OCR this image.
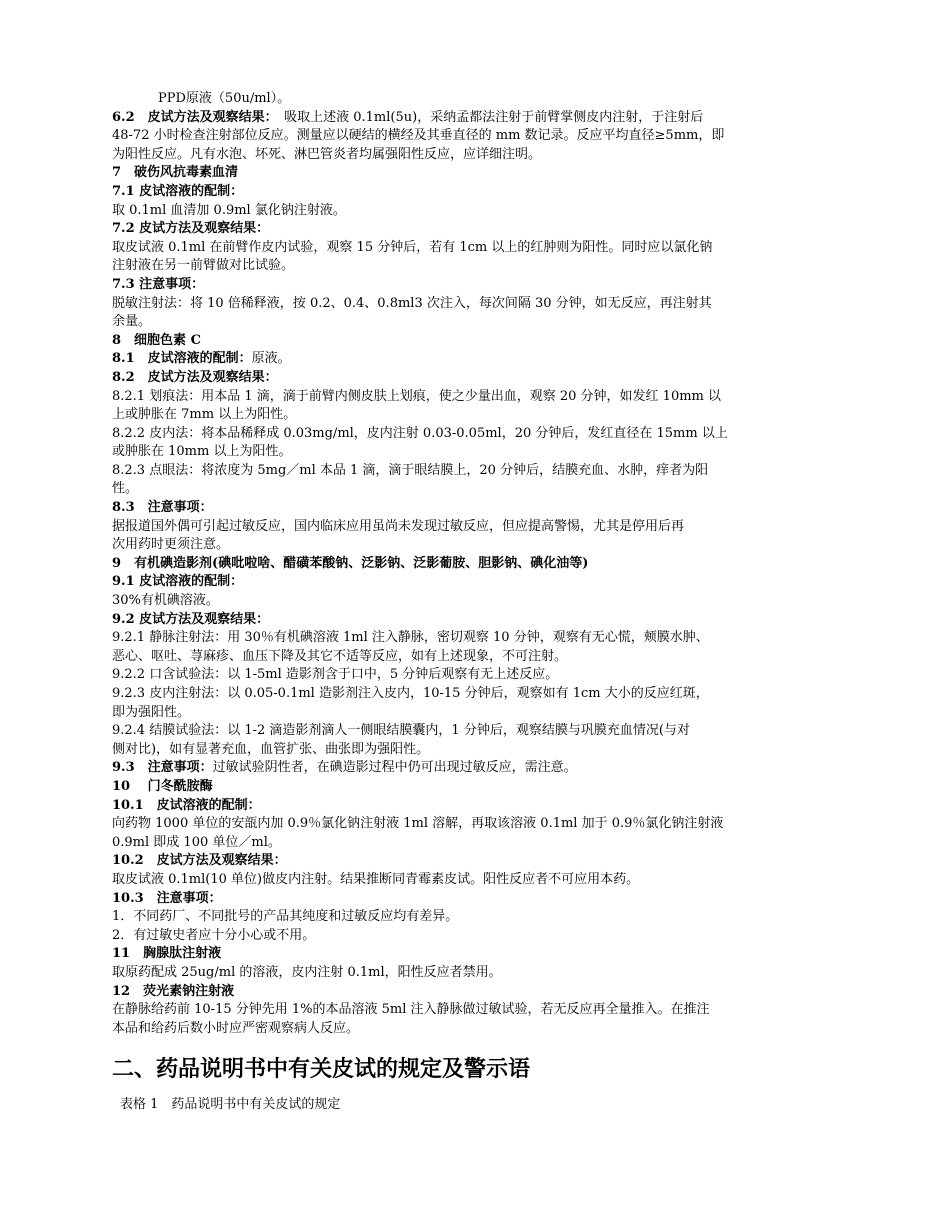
PPD原液（50u/ml）。
6.2　皮试方法及观察结果：　吸取上述液 0.1ml(5u)，采纳孟都法注射于前臂掌侧皮内注射，于注射后
48-72 小时检查注射部位反应。测量应以硬结的横经及其垂直径的 mm 数记录。反应平均直径≥5mm，即
为阳性反应。凡有水泡、坏死、淋巴管炎者均属强阳性反应，应详细注明。
7　破伤风抗毒素血清
7.1 皮试溶液的配制：
取 0.1ml 血清加 0.9ml 氯化钠注射液。
7.2 皮试方法及观察结果：
取皮试液 0.1ml 在前臂作皮内试验，观察 15 分钟后，若有 1cm 以上的红肿则为阳性。同时应以氯化钠
注射液在另一前臂做对比试验。
7.3 注意事项：
脱敏注射法：将 10 倍稀释液，按 0.2、0.4、0.8ml3 次注入，每次间隔 30 分钟，如无反应，再注射其
余量。
8　细胞色素 C
8.1　皮试溶液的配制：原液。
8.2　皮试方法及观察结果：
8.2.1 划痕法：用本品 1 滴，滴于前臂内侧皮肤上划痕，使之少量出血，观察 20 分钟，如发红 10mm 以
上或肿胀在 7mm 以上为阳性。
8.2.2 皮内法：将本品稀释成 0.03mg/ml，皮内注射 0.03-0.05ml，20 分钟后，发红直径在 15mm 以上
或肿胀在 10mm 以上为阳性。
8.2.3 点眼法：将浓度为 5mg／ml 本品 1 滴，滴于眼结膜上，20 分钟后，结膜充血、水肿，痒者为阳
性。
8.3　注意事项：
据报道国外偶可引起过敏反应，国内临床应用虽尚未发现过敏反应，但应提高警惕，尤其是停用后再
次用药时更须注意。
9　有机碘造影剂(碘吡啦啥、醋磺苯酸钠、泛影钠、泛影葡胺、胆影钠、碘化油等)
9.1 皮试溶液的配制：
30%有机碘溶液。
9.2 皮试方法及观察结果：
9.2.1 静脉注射法：用 30％有机碘溶液 1ml 注入静脉，密切观察 10 分钟，观察有无心慌，颊膜水肿、
恶心、呕吐、荨麻疹、血压下降及其它不适等反应，如有上述现象，不可注射。
9.2.2 口含试验法：以 1-5ml 造影剂含于口中，5 分钟后观察有无上述反应。
9.2.3 皮内注射法：以 0.05-0.1ml 造影剂注入皮内，10-15 分钟后，观察如有 1cm 大小的反应红斑，
即为强阳性。
9.2.4 结膜试验法：以 1-2 滴造影剂滴人一侧眼结膜囊内，1 分钟后，观察结膜与巩膜充血情况(与对
侧对比)，如有显著充血，血管扩张、曲张即为强阳性。
9.3　注意事项：过敏试验阴性者，在碘造影过程中仍可出现过敏反应，需注意。
10　 门冬酰胺酶
10.1　皮试溶液的配制：
向药物 1000 单位的安瓿内加 0.9％氯化钠注射液 1ml 溶解，再取该溶液 0.1ml 加于 0.9％氯化钠注射液
0.9ml 即成 100 单位／ml。
10.2　皮试方法及观察结果：
取皮试液 0.1ml(10 单位)做皮内注射。结果推断同青霉素皮试。阳性反应者不可应用本药。
10.3　注意事项：
1．不同药厂、不同批号的产品其纯度和过敏反应均有差异。
2．有过敏史者应十分小心或不用。
11　胸腺肽注射液
取原药配成 25ug/ml 的溶液，皮内注射 0.1ml，阳性反应者禁用。
12　荧光素钠注射液
在静脉给药前 10-15 分钟先用 1%的本品溶液 5ml 注入静脉做过敏试验，若无反应再全量推入。在推注
本品和给药后数小时应严密观察病人反应。
二、药品说明书中有关皮试的规定及警示语
表格 1　药品说明书中有关皮试的规定
